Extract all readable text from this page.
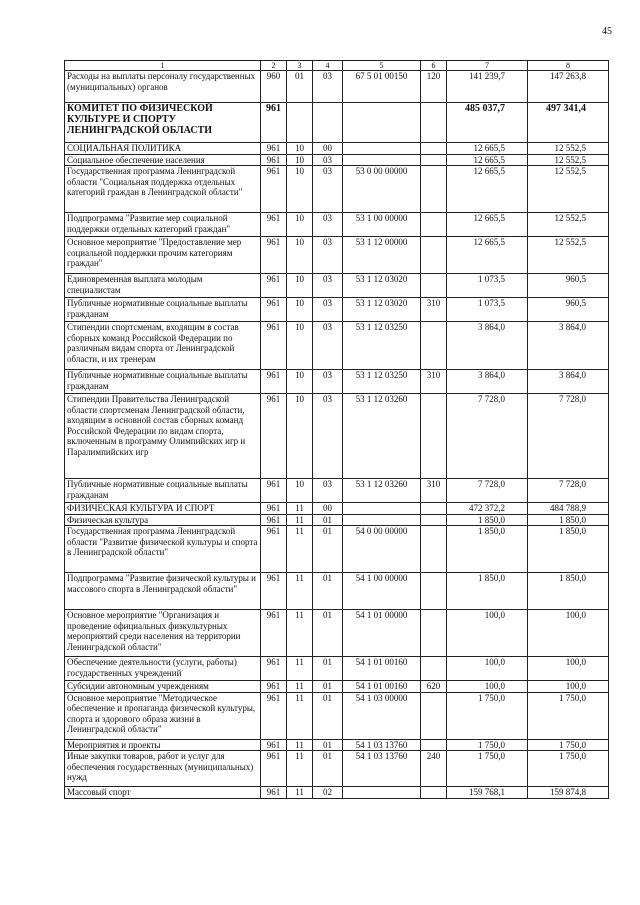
45
1	2	3	4	5	6	7	8
Расходы на выплаты персоналу государственных (муниципальных) органов	960	01	03	67 5 01 00150	120	141 239,7	147 263,8
КОМИТЕТ ПО ФИЗИЧЕСКОЙ КУЛЬТУРЕ И СПОРТУ ЛЕНИНГРАДСКОЙ ОБЛАСТИ	961					485 037,7	497 341,4
СОЦИАЛЬНАЯ ПОЛИТИКА	961	10	00			12 665,5	12 552,5
Социальное обеспечение населения	961	10	03			12 665,5	12 552,5
Государственная программа Ленинградской области "Социальная поддержка отдельных категорий граждан в Ленинградской области"	961	10	03	53 0 00 00000		12 665,5	12 552,5
Подпрограмма "Развитие мер социальной поддержки отдельных категорий граждан"	961	10	03	53 1 00 00000		12 665,5	12 552,5
Основное мероприятие "Предоставление мер социальной поддержки прочим категориям граждан"	961	10	03	53 1 12 00000		12 665,5	12 552,5
Единовременная выплата молодым специалистам	961	10	03	53 1 12 03020		1 073,5	960,5
Публичные нормативные социальные выплаты гражданам	961	10	03	53 1 12 03020	310	1 073,5	960,5
Стипендии спортсменам, входящим в состав сборных команд Российской Федерации по различным видам спорта от Ленинградской области, и их тренерам	961	10	03	53 1 12 03250		3 864,0	3 864,0
Публичные нормативные социальные выплаты гражданам	961	10	03	53 1 12 03250	310	3 864,0	3 864,0
Стипендии Правительства Ленинградской области спортсменам Ленинградской области, входящим в основной состав сборных команд Российской Федерации по видам спорта, включенным в программу Олимпийских игр и Паралимпийских игр	961	10	03	53 1 12 03260		7 728,0	7 728,0
Публичные нормативные социальные выплаты гражданам	961	10	03	53 1 12 03260	310	7 728,0	7 728,0
ФИЗИЧЕСКАЯ КУЛЬТУРА И СПОРТ	961	11	00			472 372,2	484 788,9
Физическая культура	961	11	01			1 850,0	1 850,0
Государственная программа Ленинградской области "Развитие физической культуры и спорта в Ленинградской области"	961	11	01	54 0 00 00000		1 850,0	1 850,0
Подпрограмма "Развитие физической культуры и массового спорта в Ленинградской области"	961	11	01	54 1 00 00000		1 850,0	1 850,0
Основное мероприятие "Организация и проведение официальных физкультурных мероприятий среди населения на территории Ленинградской области"	961	11	01	54 1 01 00000		100,0	100,0
Обеспечение деятельности (услуги, работы) государственных учреждений	961	11	01	54 1 01 00160		100,0	100,0
Субсидии автономным учреждениям	961	11	01	54 1 01 00160	620	100,0	100,0
Основное мероприятие "Методическое обеспечение и пропаганда физической культуры, спорта и здорового образа жизни в Ленинградской области"	961	11	01	54 1 03 00000		1 750,0	1 750,0
Мероприятия и проекты	961	11	01	54 1 03 13760		1 750,0	1 750,0
Иные закупки товаров, работ и услуг для обеспечения государственных (муниципальных) нужд	961	11	01	54 1 03 13760	240	1 750,0	1 750,0
Массовый спорт	961	11	02			159 768,1	159 874,8
